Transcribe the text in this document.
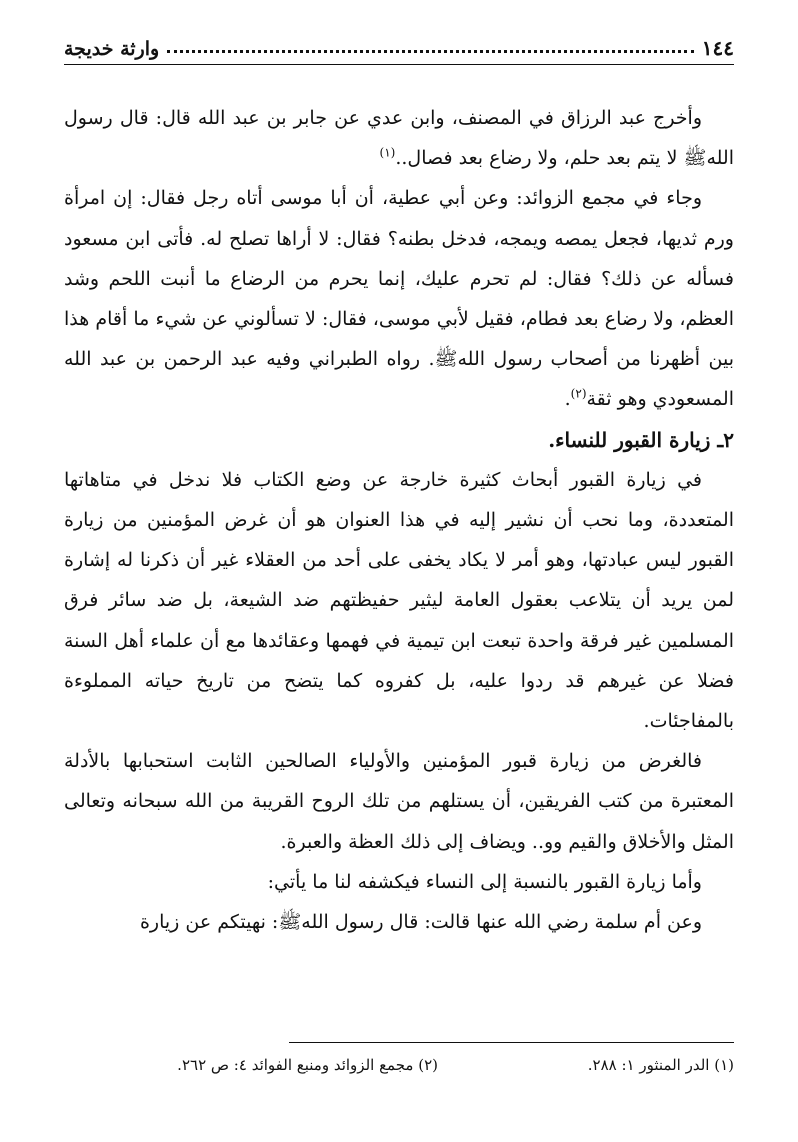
١٤٤
وارثة خديجة

وأخرج عبد الرزاق في المصنف، وابن عدي عن جابر بن عبد الله قال: قال رسول اللهﷺ لا يتم بعد حلم، ولا رضاع بعد فصال..$^{(١)}$

وجاء في مجمع الزوائد: وعن أبي عطية، أن أبا موسى أتاه رجل فقال: إن امرأة ورم ثديها، فجعل يمصه ويمجه، فدخل بطنه؟ فقال: لا أراها تصلح له. فأتى ابن مسعود فسأله عن ذلك؟ فقال: لم تحرم عليك، إنما يحرم من الرضاع ما أنبت اللحم وشد العظم، ولا رضاع بعد فطام، فقيل لأبي موسى، فقال: لا تسألوني عن شيء ما أقام هذا بين أظهرنا من أصحاب رسول اللهﷺ. رواه الطبراني وفيه عبد الرحمن بن عبد الله المسعودي وهو ثقة$^{(٢)}$.

٢ـ زيارة القبور للنساء.

في زيارة القبور أبحاث كثيرة خارجة عن وضع الكتاب فلا ندخل في متاهاتها المتعددة، وما نحب أن نشير إليه في هذا العنوان هو أن غرض المؤمنين من زيارة القبور ليس عبادتها، وهو أمر لا يكاد يخفى على أحد من العقلاء غير أن ذكرنا له إشارة لمن يريد أن يتلاعب بعقول العامة ليثير حفيظتهم ضد الشيعة، بل ضد سائر فرق المسلمين غير فرقة واحدة تبعت ابن تيمية في فهمها وعقائدها مع أن علماء أهل السنة فضلا عن غيرهم قد ردوا عليه، بل كفروه كما يتضح من تاريخ حياته المملوءة بالمفاجئات.

فالغرض من زيارة قبور المؤمنين والأولياء الصالحين الثابت استحبابها بالأدلة المعتبرة من كتب الفريقين، أن يستلهم من تلك الروح القريبة من الله سبحانه وتعالى المثل والأخلاق والقيم وو.. ويضاف إلى ذلك العظة والعبرة.

وأما زيارة القبور بالنسبة إلى النساء فيكشفه لنا ما يأتي:

وعن أم سلمة رضي الله عنها قالت: قال رسول اللهﷺ: نهيتكم عن زيارة

(١) الدر المنثور ١: ٢٨٨.
(٢) مجمع الزوائد ومنبع الفوائد ٤: ص ٢٦٢.
